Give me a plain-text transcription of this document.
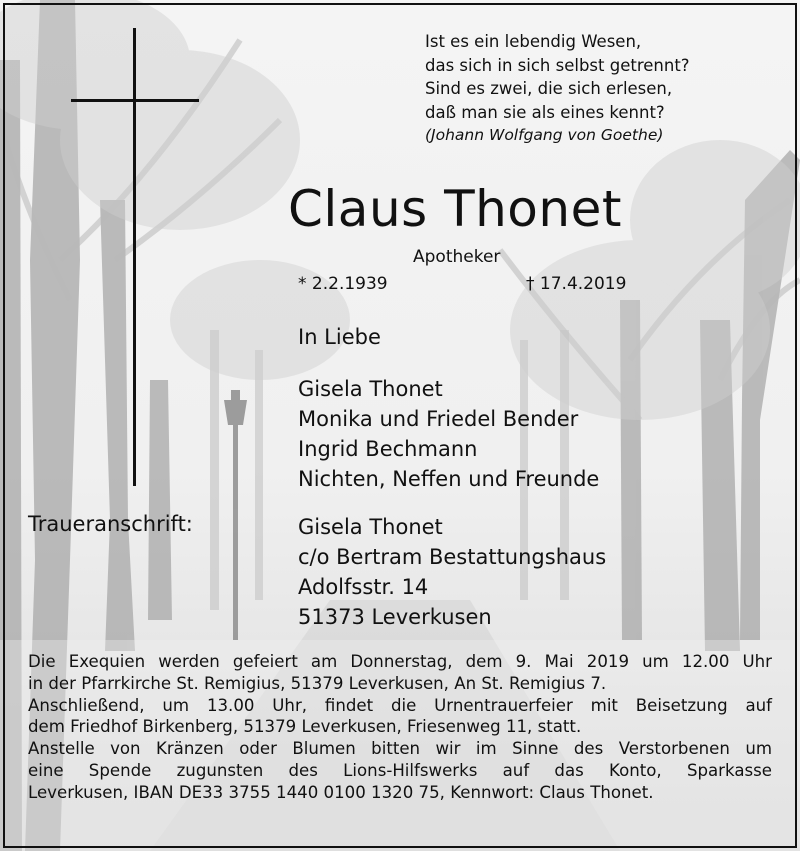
Ist es ein lebendig Wesen,
das sich in sich selbst getrennt?
Sind es zwei, die sich erlesen,
daß man sie als eines kennt?
(Johann Wolfgang von Goethe)
Claus Thonet
Apotheker
* 2.2.1939	† 17.4.2019
In Liebe
Gisela Thonet
Monika und Friedel Bender
Ingrid Bechmann
Nichten, Neffen und Freunde
Traueranschrift:	Gisela Thonet
c/o Bertram Bestattungshaus
Adolfsstr. 14
51373 Leverkusen

Die Exequien werden gefeiert am Donnerstag, dem 9. Mai 2019 um 12.00 Uhr

in der Pfarrkirche St. Remigius, 51379 Leverkusen, An St. Remigius 7.

Anschließend, um 13.00 Uhr, findet die Urnentrauerfeier mit Beisetzung auf

dem Friedhof Birkenberg, 51379 Leverkusen, Friesenweg 11, statt.

Anstelle von Kränzen oder Blumen bitten wir im Sinne des Verstorbenen um

eine Spende zugunsten des Lions-Hilfswerks auf das Konto, Sparkasse

Leverkusen, IBAN DE33 3755 1440 0100 1320 75, Kennwort: Claus Thonet.
